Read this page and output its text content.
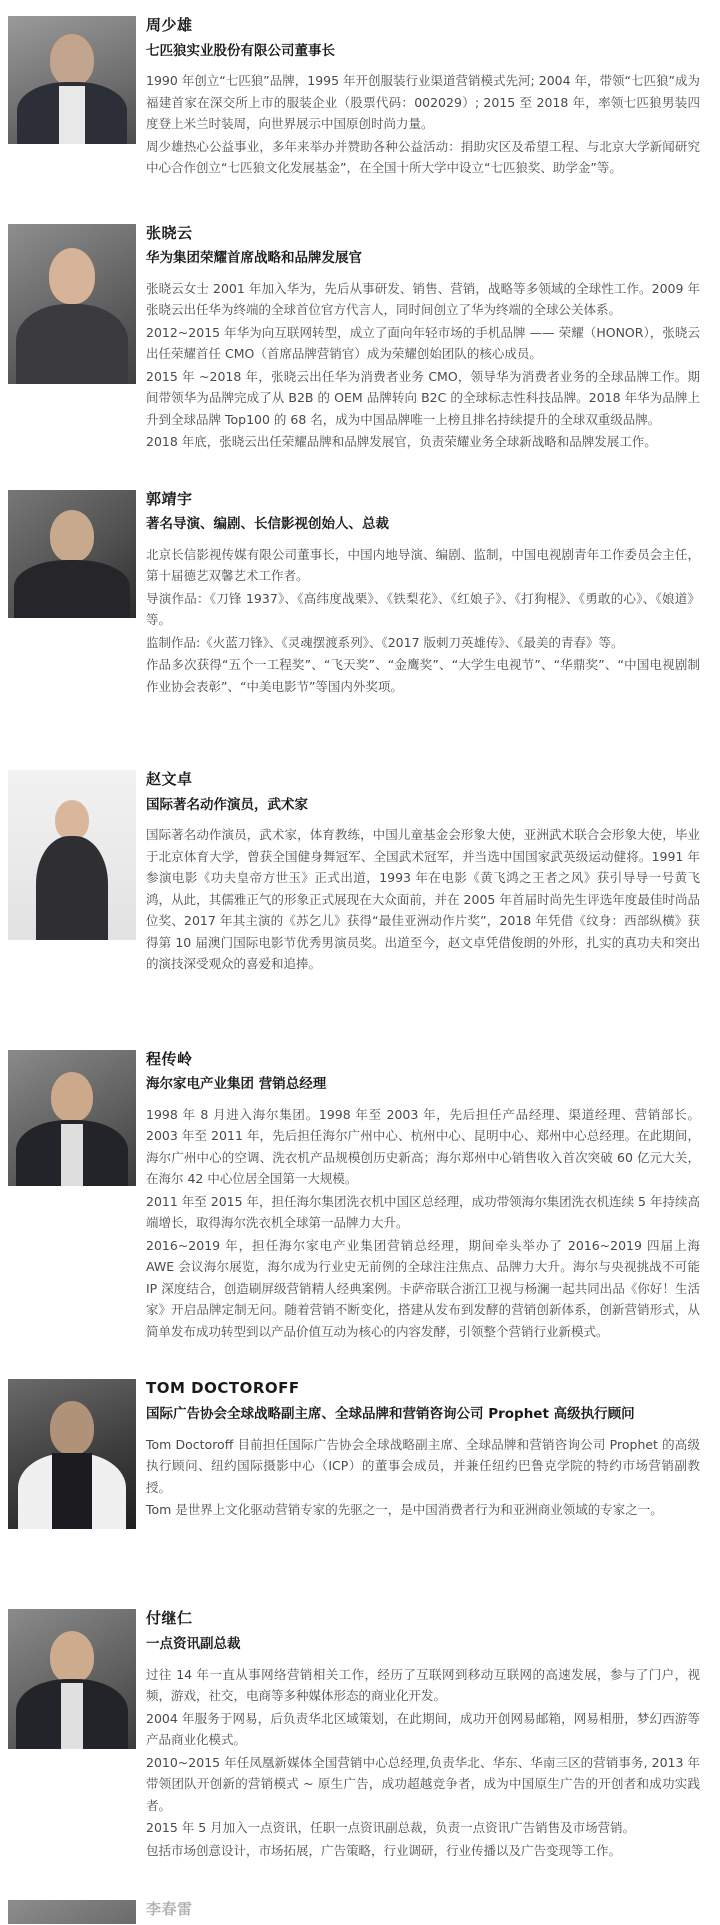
周少雄
七匹狼实业股份有限公司董事长

1990 年创立“七匹狼”品牌，1995 年开创服装行业渠道营销模式先河; 2004 年，带领“七匹狼”成为福建首家在深交所上市的服装企业（股票代码：002029）; 2015 至 2018 年，率领七匹狼男装四度登上米兰时装周，向世界展示中国原创时尚力量。

周少雄热心公益事业，多年来举办并赞助各种公益活动：捐助灾区及希望工程、与北京大学新闻研究中心合作创立“七匹狼文化发展基金”，在全国十所大学中设立“七匹狼奖、助学金”等。

张晓云
华为集团荣耀首席战略和品牌发展官

张晓云女士 2001 年加入华为，先后从事研发、销售、营销，战略等多领域的全球性工作。2009 年张晓云出任华为终端的全球首位官方代言人，同时间创立了华为终端的全球公关体系。

2012~2015 年华为向互联网转型，成立了面向年轻市场的手机品牌 —— 荣耀（HONOR），张晓云出任荣耀首任 CMO（首席品牌营销官）成为荣耀创始团队的核心成员。

2015 年 ~2018 年，张晓云出任华为消费者业务 CMO，领导华为消费者业务的全球品牌工作。期间带领华为品牌完成了从 B2B 的 OEM 品牌转向 B2C 的全球标志性科技品牌。2018 年华为品牌上升到全球品牌 Top100 的 68 名，成为中国品牌唯一上榜且排名持续提升的全球双重级品牌。

2018 年底，张晓云出任荣耀品牌和品牌发展官，负责荣耀业务全球新战略和品牌发展工作。

郭靖宇
著名导演、编剧、长信影视创始人、总裁

北京长信影视传媒有限公司董事长，中国内地导演、编剧、监制，中国电视剧青年工作委员会主任，第十届德艺双馨艺术工作者。

导演作品：《刀锋 1937》、《高纬度战栗》、《铁梨花》、《红娘子》、《打狗棍》、《勇敢的心》、《娘道》等。

监制作品:《火蓝刀锋》、《灵魂摆渡系列》、《2017 版刺刀英雄传》、《最美的青春》等。

作品多次获得“五个一工程奖”、“飞天奖”、“金鹰奖”、“大学生电视节”、“华鼎奖”、“中国电视剧制作业协会表彰”、“中美电影节”等国内外奖项。

赵文卓
国际著名动作演员，武术家

国际著名动作演员，武术家，体育教练，中国儿童基金会形象大使，亚洲武术联合会形象大使，毕业于北京体育大学，曾获全国健身舞冠军、全国武术冠军，并当选中国国家武英级运动健将。1991 年参演电影《功夫皇帝方世玉》正式出道，1993 年在电影《黄飞鸿之王者之风》获引导导一号黄飞鸿，从此，其儒雅正气的形象正式展现在大众面前，并在 2005 年首届时尚先生评选年度最佳时尚品位奖、2017 年其主演的《苏乞儿》获得“最佳亚洲动作片奖”，2018 年凭借《纹身：西部纵横》获得第 10 届澳门国际电影节优秀男演员奖。出道至今，赵文卓凭借俊朗的外形，扎实的真功夫和突出的演技深受观众的喜爱和追捧。

程传岭
海尔家电产业集团 营销总经理

1998 年 8 月进入海尔集团。1998 年至 2003 年，先后担任产品经理、渠道经理、营销部长。2003 年至 2011 年，先后担任海尔广州中心、杭州中心、昆明中心、郑州中心总经理。在此期间，海尔广州中心的空调、洗衣机产品规模创历史新高；海尔郑州中心销售收入首次突破 60 亿元大关，在海尔 42 中心位居全国第一大规模。

2011 年至 2015 年，担任海尔集团洗衣机中国区总经理，成功带领海尔集团洗衣机连续 5 年持续高端增长，取得海尔洗衣机全球第一品牌力大升。

2016~2019 年，担任海尔家电产业集团营销总经理，期间牵头举办了 2016~2019 四届上海 AWE 会议海尔展览，海尔成为行业史无前例的全球注注焦点、品牌力大升。海尔与央视挑战不可能 IP 深度结合，创造刷屏级营销精人经典案例。卡萨帝联合浙江卫视与杨澜一起共同出品《你好！生活家》开启品牌定制无问。随着营销不断变化，搭建从发布到发酵的营销创新体系，创新营销形式，从简单发布成功转型到以产品价值互动为核心的内容发酵，引领整个营销行业新模式。

TOM DOCTOROFF
国际广告协会全球战略副主席、全球品牌和营销咨询公司 Prophet 高级执行顾问

Tom Doctoroff 目前担任国际广告协会全球战略副主席、全球品牌和营销咨询公司 Prophet 的高级执行顾问、纽约国际摄影中心（ICP）的董事会成员，并兼任纽约巴鲁克学院的特约市场营销副教授。

Tom 是世界上文化驱动营销专家的先驱之一，是中国消费者行为和亚洲商业领域的专家之一。

付继仁
一点资讯副总裁

过往 14 年一直从事网络营销相关工作，经历了互联网到移动互联网的高速发展，参与了门户，视频，游戏，社交，电商等多种媒体形态的商业化开发。

2004 年服务于网易，后负责华北区域策划，在此期间，成功开创网易邮箱，网易相册，梦幻西游等产品商业化模式。

2010~2015 年任凤凰新媒体全国营销中心总经理,负责华北、华东、华南三区的营销事务, 2013 年带领团队开创新的营销模式 ~ 原生广告，成功超越竞争者，成为中国原生广告的开创者和成功实践者。

2015 年 5 月加入一点资讯，任职一点资讯副总裁，负责一点资讯广告销售及市场营销。

包括市场创意设计，市场拓展，广告策略，行业调研，行业传播以及广告变现等工作。

李春雷
